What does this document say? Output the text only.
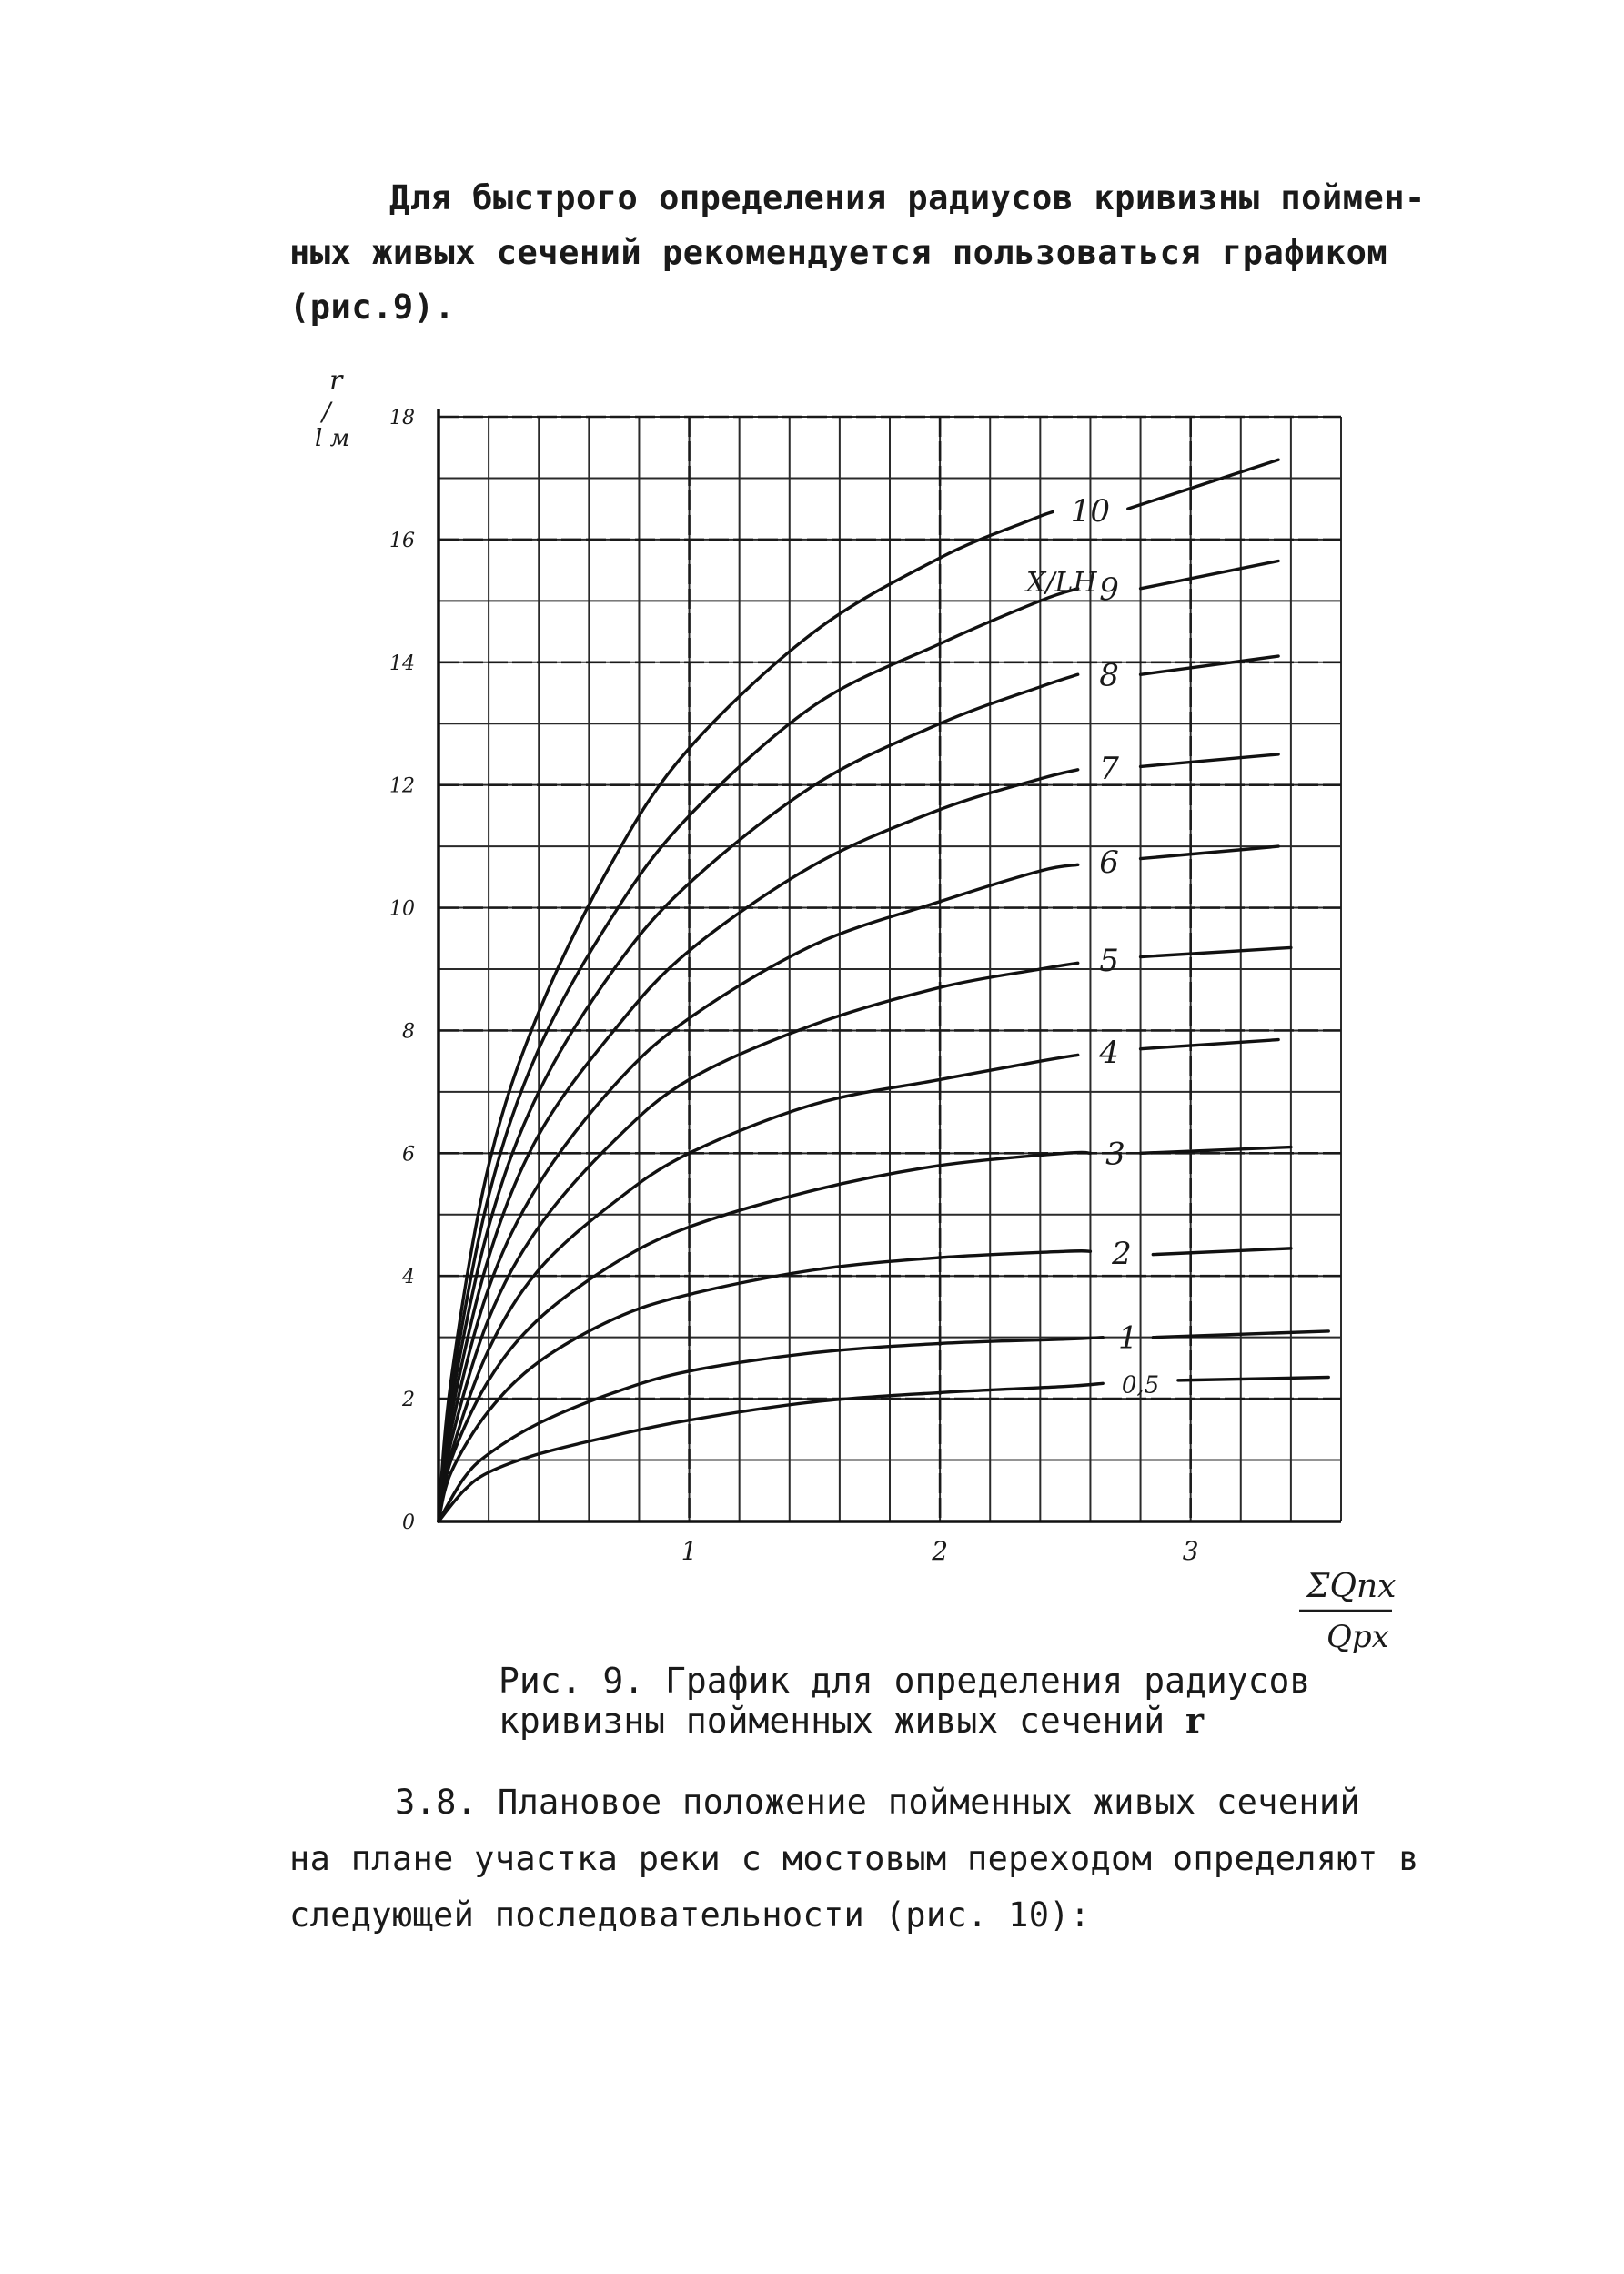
Для быстрого определения радиусов кривизны поймен-
ных живых сечений рекомендуется пользоваться графиком
(рис.9).
0
2
4
6
8
10
12
14
16
18
1	2	3
0,5
1
2
3
4
5
6
7
8
9
10
r
/
l м
ΣQпх
Qрх
X/LH
Рис. 9. График для определения радиусов
кривизны пойменных живых сечений r
3.8. Плановое положение пойменных живых сечений
на плане участка реки с мостовым переходом определяют в
следующей последовательности (рис. 10):
